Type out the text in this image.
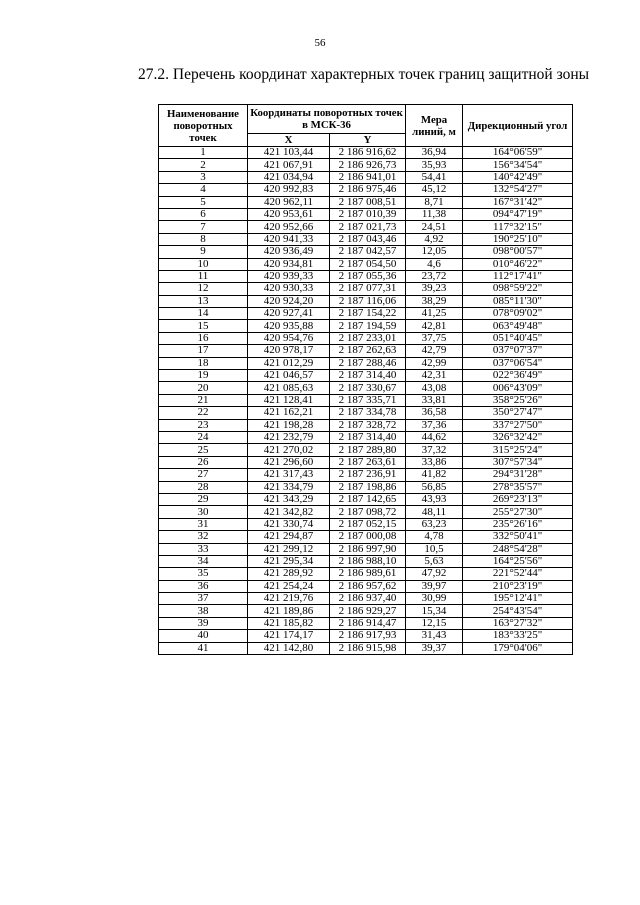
56
27.2. Перечень координат характерных точек границ защитной зоны
Наименование поворотных точек	Координаты поворотных точек в МСК-36		Мера линий, м	Дирекционный угол
	X	Y		
1	421 103,44	2 186 916,62	36,94	164°06'59"
2	421 067,91	2 186 926,73	35,93	156°34'54"
3	421 034,94	2 186 941,01	54,41	140°42'49"
4	420 992,83	2 186 975,46	45,12	132°54'27"
5	420 962,11	2 187 008,51	8,71	167°31'42"
6	420 953,61	2 187 010,39	11,38	094°47'19"
7	420 952,66	2 187 021,73	24,51	117°32'15"
8	420 941,33	2 187 043,46	4,92	190°25'10"
9	420 936,49	2 187 042,57	12,05	098°00'57"
10	420 934,81	2 187 054,50	4,6	010°46'22"
11	420 939,33	2 187 055,36	23,72	112°17'41"
12	420 930,33	2 187 077,31	39,23	098°59'22"
13	420 924,20	2 187 116,06	38,29	085°11'30"
14	420 927,41	2 187 154,22	41,25	078°09'02"
15	420 935,88	2 187 194,59	42,81	063°49'48"
16	420 954,76	2 187 233,01	37,75	051°40'45"
17	420 978,17	2 187 262,63	42,79	037°07'37"
18	421 012,29	2 187 288,46	42,99	037°06'54"
19	421 046,57	2 187 314,40	42,31	022°36'49"
20	421 085,63	2 187 330,67	43,08	006°43'09"
21	421 128,41	2 187 335,71	33,81	358°25'26"
22	421 162,21	2 187 334,78	36,58	350°27'47"
23	421 198,28	2 187 328,72	37,36	337°27'50"
24	421 232,79	2 187 314,40	44,62	326°32'42"
25	421 270,02	2 187 289,80	37,32	315°25'24"
26	421 296,60	2 187 263,61	33,86	307°57'34"
27	421 317,43	2 187 236,91	41,82	294°31'28"
28	421 334,79	2 187 198,86	56,85	278°35'57"
29	421 343,29	2 187 142,65	43,93	269°23'13"
30	421 342,82	2 187 098,72	48,11	255°27'30"
31	421 330,74	2 187 052,15	63,23	235°26'16"
32	421 294,87	2 187 000,08	4,78	332°50'41"
33	421 299,12	2 186 997,90	10,5	248°54'28"
34	421 295,34	2 186 988,10	5,63	164°25'56"
35	421 289,92	2 186 989,61	47,92	221°52'44"
36	421 254,24	2 186 957,62	39,97	210°23'19"
37	421 219,76	2 186 937,40	30,99	195°12'41"
38	421 189,86	2 186 929,27	15,34	254°43'54"
39	421 185,82	2 186 914,47	12,15	163°27'32"
40	421 174,17	2 186 917,93	31,43	183°33'25"
41	421 142,80	2 186 915,98	39,37	179°04'06"
